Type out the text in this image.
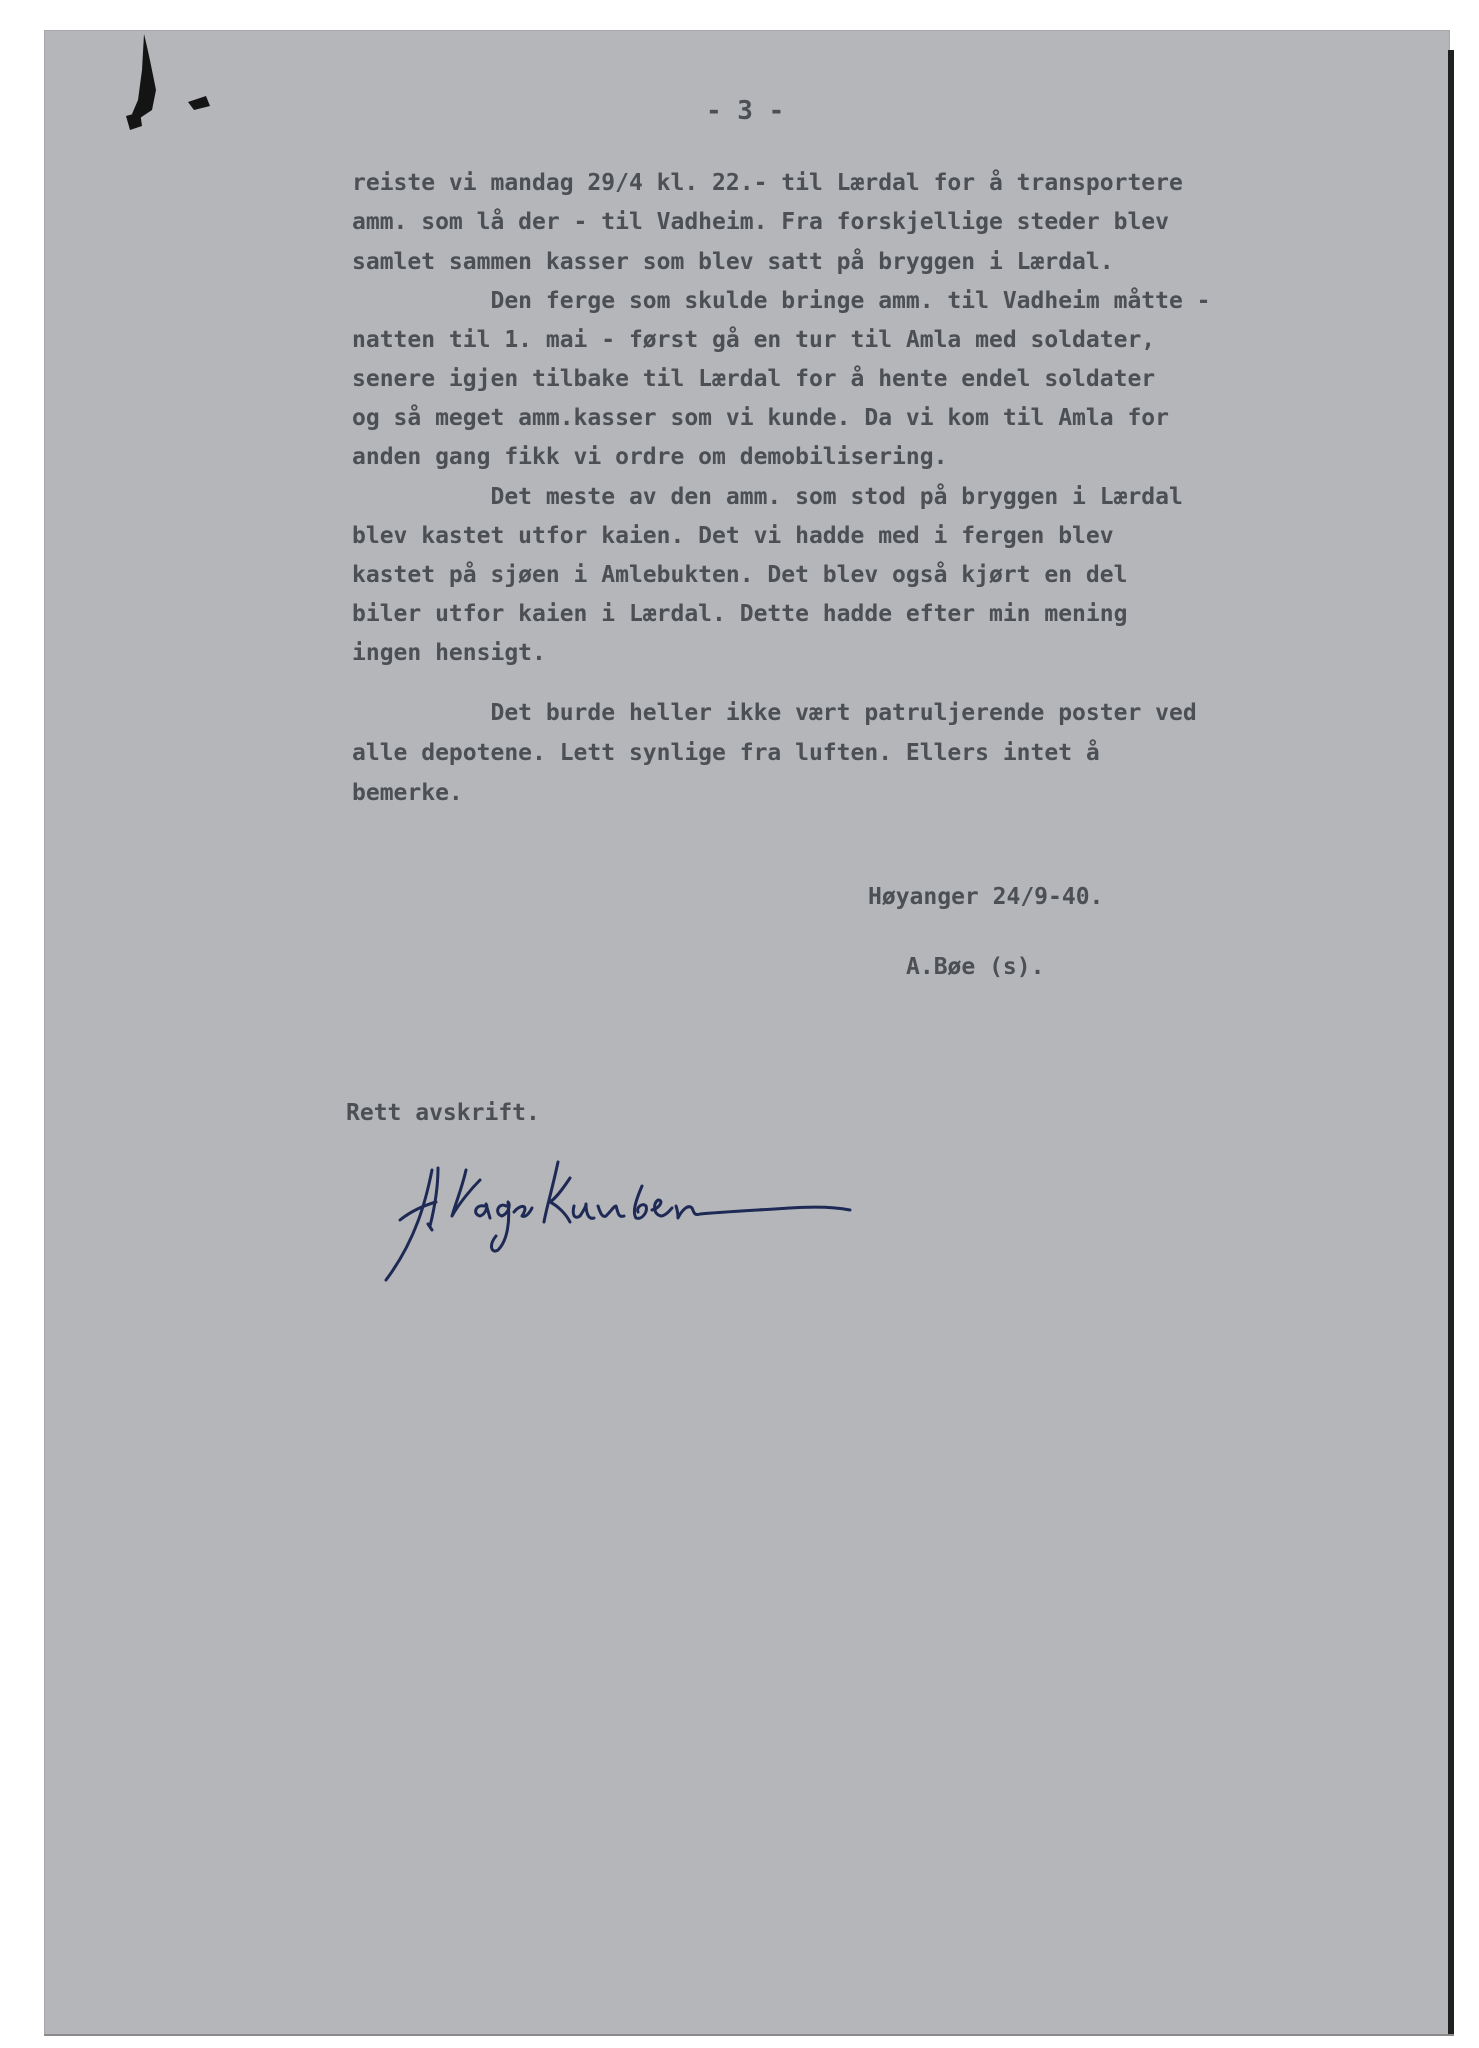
- 3 -
reiste vi mandag 29/4 kl. 22.- til Lærdal for å transportere
amm. som lå der - til Vadheim. Fra forskjellige steder blev
samlet sammen kasser som blev satt på bryggen i Lærdal.
Den ferge som skulde bringe amm. til Vadheim måtte -
natten til 1. mai - først gå en tur til Amla med soldater,
senere igjen tilbake til Lærdal for å hente endel soldater
og så meget amm.kasser som vi kunde. Da vi kom til Amla for
anden gang fikk vi ordre om demobilisering.
Det meste av den amm. som stod på bryggen i Lærdal
blev kastet utfor kaien. Det vi hadde med i fergen blev
kastet på sjøen i Amlebukten. Det blev også kjørt en del
biler utfor kaien i Lærdal. Dette hadde efter min mening
ingen hensigt.
Det burde heller ikke vært patruljerende poster ved
alle depotene. Lett synlige fra luften. Ellers intet å
bemerke.
Høyanger 24/9-40.
A.Bøe (s).
Rett avskrift.
